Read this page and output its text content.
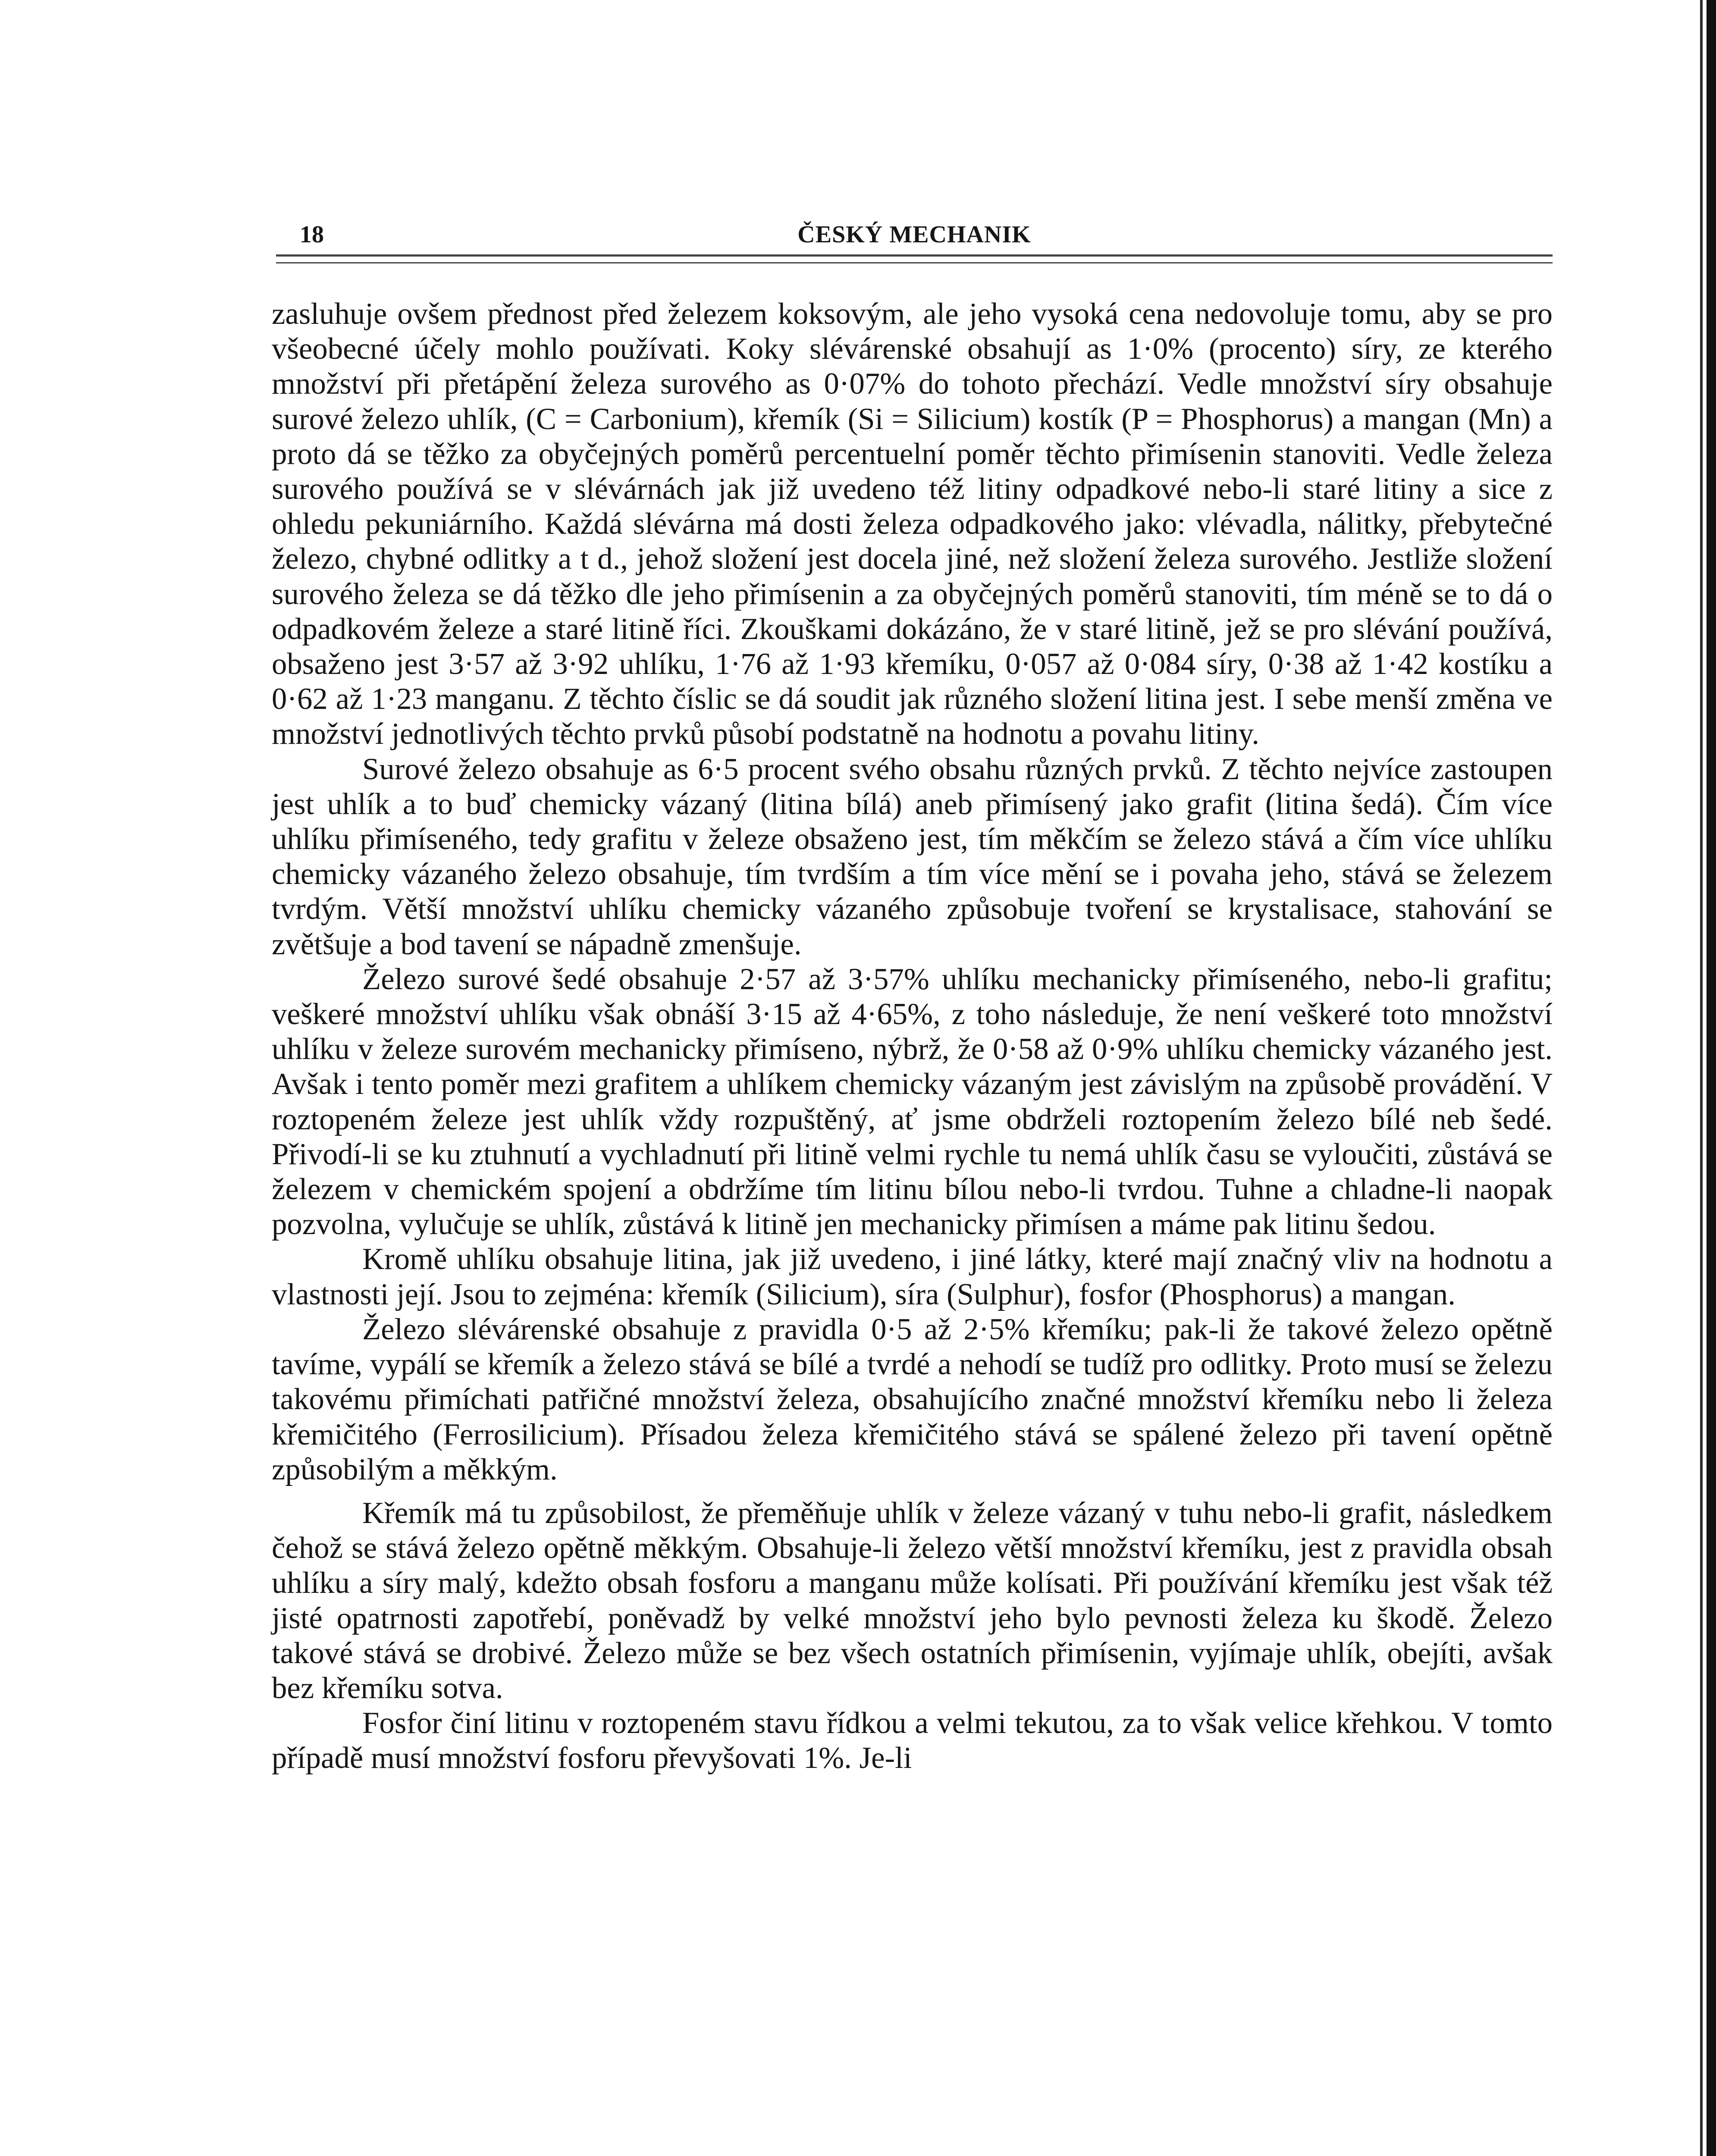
18	ČESKÝ MECHANIK

zasluhuje ovšem přednost před železem koksovým, ale jeho vysoká cena nedovoluje tomu, aby se pro všeobecné účely mohlo používati. Koky slévárenské obsahují as 1·0% (procento) síry, ze kterého množství při přetápění železa surového as 0·07% do tohoto přechází. Vedle množství síry obsahuje surové železo uhlík, (C = Carbonium), křemík (Si = Silicium) kostík (P = Phosphorus) a mangan (Mn) a proto dá se těžko za obyčejných poměrů percentuelní poměr těchto přimísenin stanoviti. Vedle železa surového používá se v slévárnách jak již uvedeno též litiny odpadkové nebo-li staré litiny a sice z ohledu pekuniárního. Každá slévárna má dosti železa odpadkového jako: vlévadla, nálitky, přebytečné železo, chybné odlitky a t d., jehož složení jest docela jiné, než složení železa surového. Jestliže složení surového železa se dá těžko dle jeho přimísenin a za obyčejných poměrů stanoviti, tím méně se to dá o odpadkovém železe a staré litině říci. Zkouškami dokázáno, že v staré litině, jež se pro slévání používá, obsaženo jest 3·57 až 3·92 uhlíku, 1·76 až 1·93 křemíku, 0·057 až 0·084 síry, 0·38 až 1·42 kostíku a 0·62 až 1·23 manganu. Z těchto číslic se dá soudit jak různého složení litina jest. I sebe menší změna ve množství jednotlivých těchto prvků působí podstatně na hodnotu a povahu litiny.

Surové železo obsahuje as 6·5 procent svého obsahu různých prvků. Z těchto nejvíce zastoupen jest uhlík a to buď chemicky vázaný (litina bílá) aneb přimísený jako grafit (litina šedá). Čím více uhlíku přimíseného, tedy grafitu v železe obsaženo jest, tím měkčím se železo stává a čím více uhlíku chemicky vázaného železo obsahuje, tím tvrdším a tím více mění se i povaha jeho, stává se železem tvrdým. Větší množství uhlíku chemicky vázaného způsobuje tvoření se krystalisace, stahování se zvětšuje a bod tavení se nápadně zmenšuje.

Železo surové šedé obsahuje 2·57 až 3·57% uhlíku mechanicky přimíseného, nebo-li grafitu; veškeré množství uhlíku však obnáší 3·15 až 4·65%, z toho následuje, že není veškeré toto množství uhlíku v železe surovém mechanicky přimíseno, nýbrž, že 0·58 až 0·9% uhlíku chemicky vázaného jest. Avšak i tento poměr mezi grafitem a uhlíkem chemicky vázaným jest závislým na způsobě provádění. V roztopeném železe jest uhlík vždy rozpuštěný, ať jsme obdrželi roztopením železo bílé neb šedé. Přivodí-li se ku ztuhnutí a vychladnutí při litině velmi rychle tu nemá uhlík času se vyloučiti, zůstává se železem v chemickém spojení a obdržíme tím litinu bílou nebo-li tvrdou. Tuhne a chladne-li naopak pozvolna, vylučuje se uhlík, zůstává k litině jen mechanicky přimísen a máme pak litinu šedou.

Kromě uhlíku obsahuje litina, jak již uvedeno, i jiné látky, které mají značný vliv na hodnotu a vlastnosti její. Jsou to zejména: křemík (Silicium), síra (Sulphur), fosfor (Phosphorus) a mangan.

Železo slévárenské obsahuje z pravidla 0·5 až 2·5% křemíku; pak-li že takové železo opětně tavíme, vypálí se křemík a železo stává se bílé a tvrdé a nehodí se tudíž pro odlitky. Proto musí se železu takovému přimíchati patřičné množství železa, obsahujícího značné množství křemíku nebo li železa křemičitého (Ferrosilicium). Přísadou železa křemičitého stává se spálené železo při tavení opětně způsobilým a měkkým.

Křemík má tu způsobilost, že přeměňuje uhlík v železe vázaný v tuhu nebo-li grafit, následkem čehož se stává železo opětně měkkým. Obsahuje-li železo větší množství křemíku, jest z pravidla obsah uhlíku a síry malý, kdežto obsah fosforu a manganu může kolísati. Při používání křemíku jest však též jisté opatrnosti zapotřebí, poněvadž by velké množství jeho bylo pevnosti železa ku škodě. Železo takové stává se drobivé. Železo může se bez všech ostatních přimísenin, vyjímaje uhlík, obejíti, avšak bez křemíku sotva.

Fosfor činí litinu v roztopeném stavu řídkou a velmi tekutou, za to však velice křehkou. V tomto případě musí množství fosforu převyšovati 1%. Je-li
